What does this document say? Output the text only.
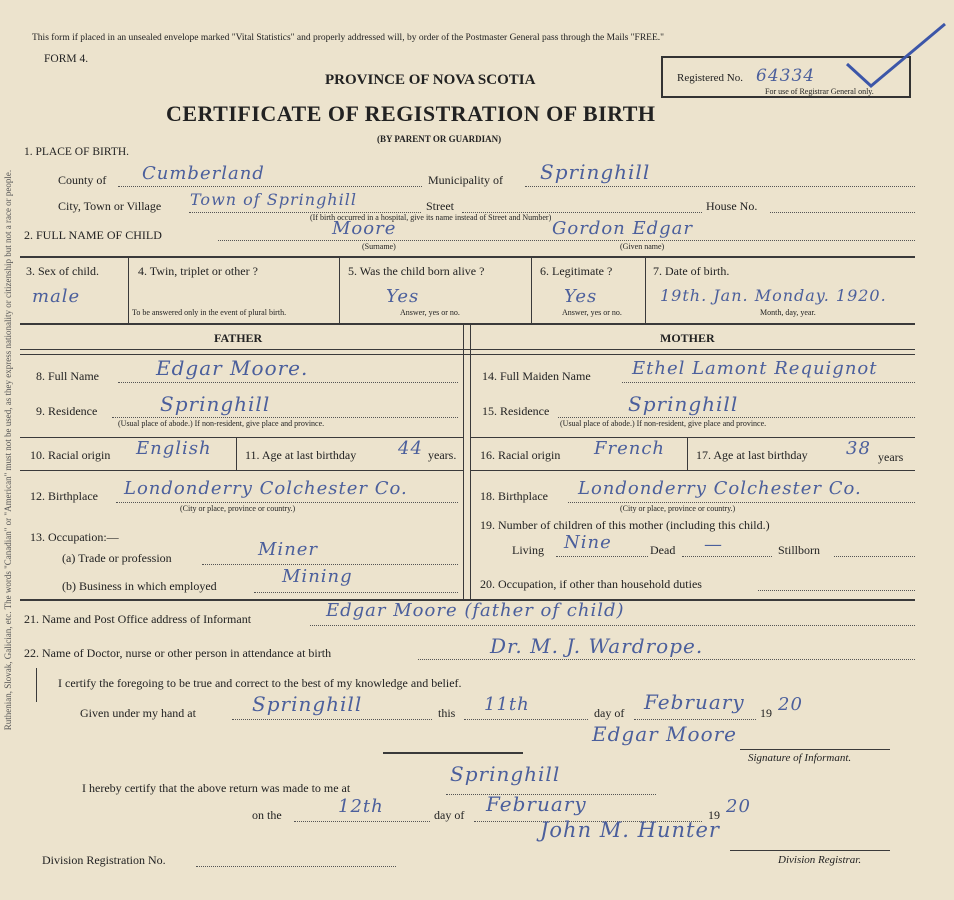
Ruthenian, Slovak, Galician, etc. The words "Canadian" or "American" must not be used, as they express nationality or citizenship but not a race or people.
This form if placed in an unsealed envelope marked "Vital Statistics" and properly addressed will, by order of the Postmaster General pass through the Mails "FREE."
FORM 4.
PROVINCE OF NOVA SCOTIA
CERTIFICATE OF REGISTRATION OF BIRTH
(BY PARENT OR GUARDIAN)
Registered No. 64334
For use of Registrar General only.
1. PLACE OF BIRTH.
County of Cumberland	Municipality of Springhill
City, Town or Village Town of Springhill	Street
(If birth occurred in a hospital, give its name instead of Street and Number)
House No.
2. FULL NAME OF CHILD	Moore	Gordon Edgar
(Surname)	(Given name)
3. Sex of child.
male
4. Twin, triplet or other ?
To be answered only in the event of plural birth.
5. Was the child born alive ?
Yes
Answer, yes or no.
6. Legitimate ?
Yes
Answer, yes or no.
7. Date of birth.
19th. Jan. Monday. 1920.
Month, day, year.
FATHER	MOTHER
8. Full Name	Edgar Moore.
9. Residence	Springhill
(Usual place of abode.) If non-resident, give place and province.
10. Racial origin English	11. Age at last birthday 44 years.
12. Birthplace Londonderry Colchester Co.
(City or place, province or country.)
13. Occupation:—
(a) Trade or profession	Miner
(b) Business in which employed	Mining
14. Full Maiden Name Ethel Lamont Requignot
15. Residence	Springhill
(Usual place of abode.) If non-resident, give place and province.
16. Racial origin French	17. Age at last birthday 38 years
18. Birthplace Londonderry Colchester Co.
(City or place, province or country.)
19. Number of children of this mother (including this child.)
Living Nine	Dead —	Stillborn
20. Occupation, if other than household duties
21. Name and Post Office address of Informant	Edgar Moore (father of child)
22. Name of Doctor, nurse or other person in attendance at birth	Dr. M. J. Wardrope.
I certify the foregoing to be true and correct to the best of my knowledge and belief.
Given under my hand at	Springhill	this 11th	day of February 19 20
Edgar Moore
Signature of Informant.
I hereby certify that the above return was made to me at
Springhill
on the	12th	day of February	19 20
John M. Hunter
Division Registration No.	Division Registrar.
